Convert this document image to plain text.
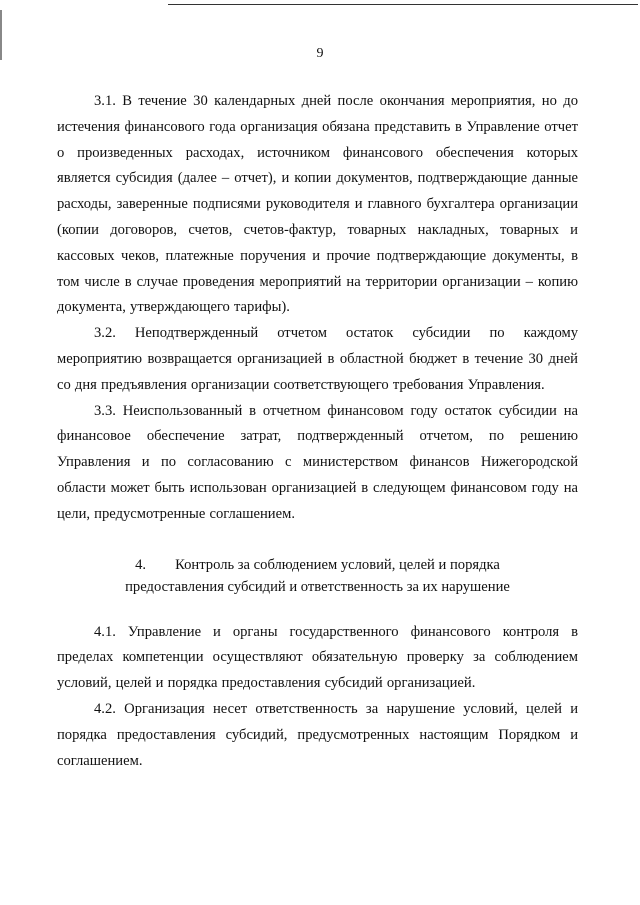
9

3.1. В течение 30 календарных дней после окончания мероприятия, но до истечения финансового года организация обязана представить в Управление отчет о произведенных расходах, источником финансового обеспечения которых является субсидия (далее – отчет), и копии документов, подтверждающие данные расходы, заверенные подписями руководителя и главного бухгалтера организации (копии договоров, счетов, счетов-фактур, товарных накладных, товарных и кассовых чеков, платежные поручения и прочие подтверждающие документы, в том числе в случае проведения мероприятий на территории организации – копию документа, утверждающего тарифы).

3.2. Неподтвержденный отчетом остаток субсидии по каждому мероприятию возвращается организацией в областной бюджет в течение 30 дней со дня предъявления организации соответствующего требования Управления.

3.3. Неиспользованный в отчетном финансовом году остаток субсидии на финансовое обеспечение затрат, подтвержденный отчетом, по решению Управления и по согласованию с министерством финансов Нижегородской области может быть использован организацией в следующем финансовом году на цели, предусмотренные соглашением.

4. Контроль за соблюдением условий, целей и порядка
предоставления субсидий и ответственность за их нарушение

4.1. Управление и органы государственного финансового контроля в пределах компетенции осуществляют обязательную проверку за соблюдением условий, целей и порядка предоставления субсидий организацией.

4.2. Организация несет ответственность за нарушение условий, целей и порядка предоставления субсидий, предусмотренных настоящим Порядком и соглашением.
